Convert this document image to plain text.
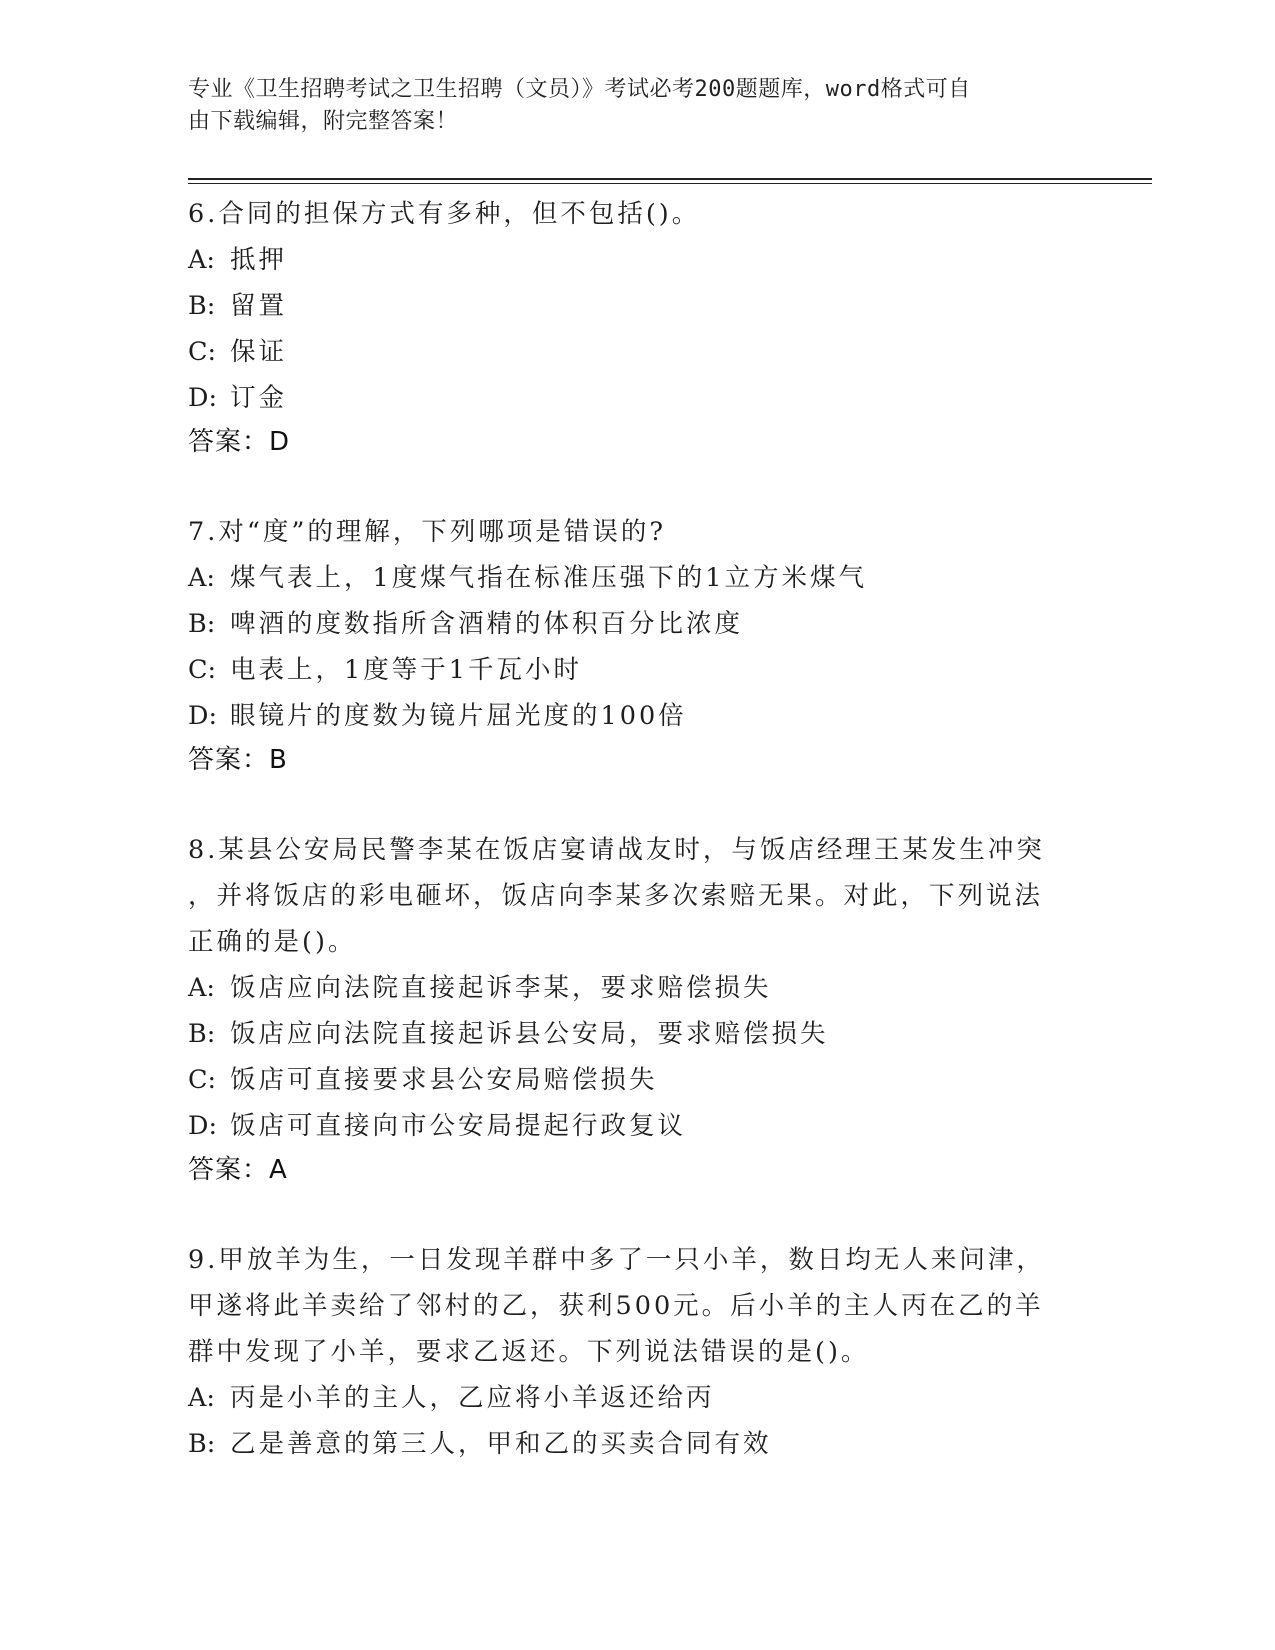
专业《卫生招聘考试之卫生招聘（文员）》考试必考200题题库，word格式可自
由下载编辑，附完整答案！

6.合同的担保方式有多种，但不包括()。

A: 抵押

B: 留置

C: 保证

D: 订金

答案：D

7.对“度”的理解，下列哪项是错误的?

A: 煤气表上，1度煤气指在标准压强下的1立方米煤气

B: 啤酒的度数指所含酒精的体积百分比浓度

C: 电表上，1度等于1千瓦小时

D: 眼镜片的度数为镜片屈光度的100倍

答案：B

8.某县公安局民警李某在饭店宴请战友时，与饭店经理王某发生冲突

，并将饭店的彩电砸坏，饭店向李某多次索赔无果。对此，下列说法

正确的是()。

A: 饭店应向法院直接起诉李某，要求赔偿损失

B: 饭店应向法院直接起诉县公安局，要求赔偿损失

C: 饭店可直接要求县公安局赔偿损失

D: 饭店可直接向市公安局提起行政复议

答案：A

9.甲放羊为生，一日发现羊群中多了一只小羊，数日均无人来问津，

甲遂将此羊卖给了邻村的乙，获利500元。后小羊的主人丙在乙的羊

群中发现了小羊，要求乙返还。下列说法错误的是()。

A: 丙是小羊的主人，乙应将小羊返还给丙

B: 乙是善意的第三人，甲和乙的买卖合同有效
